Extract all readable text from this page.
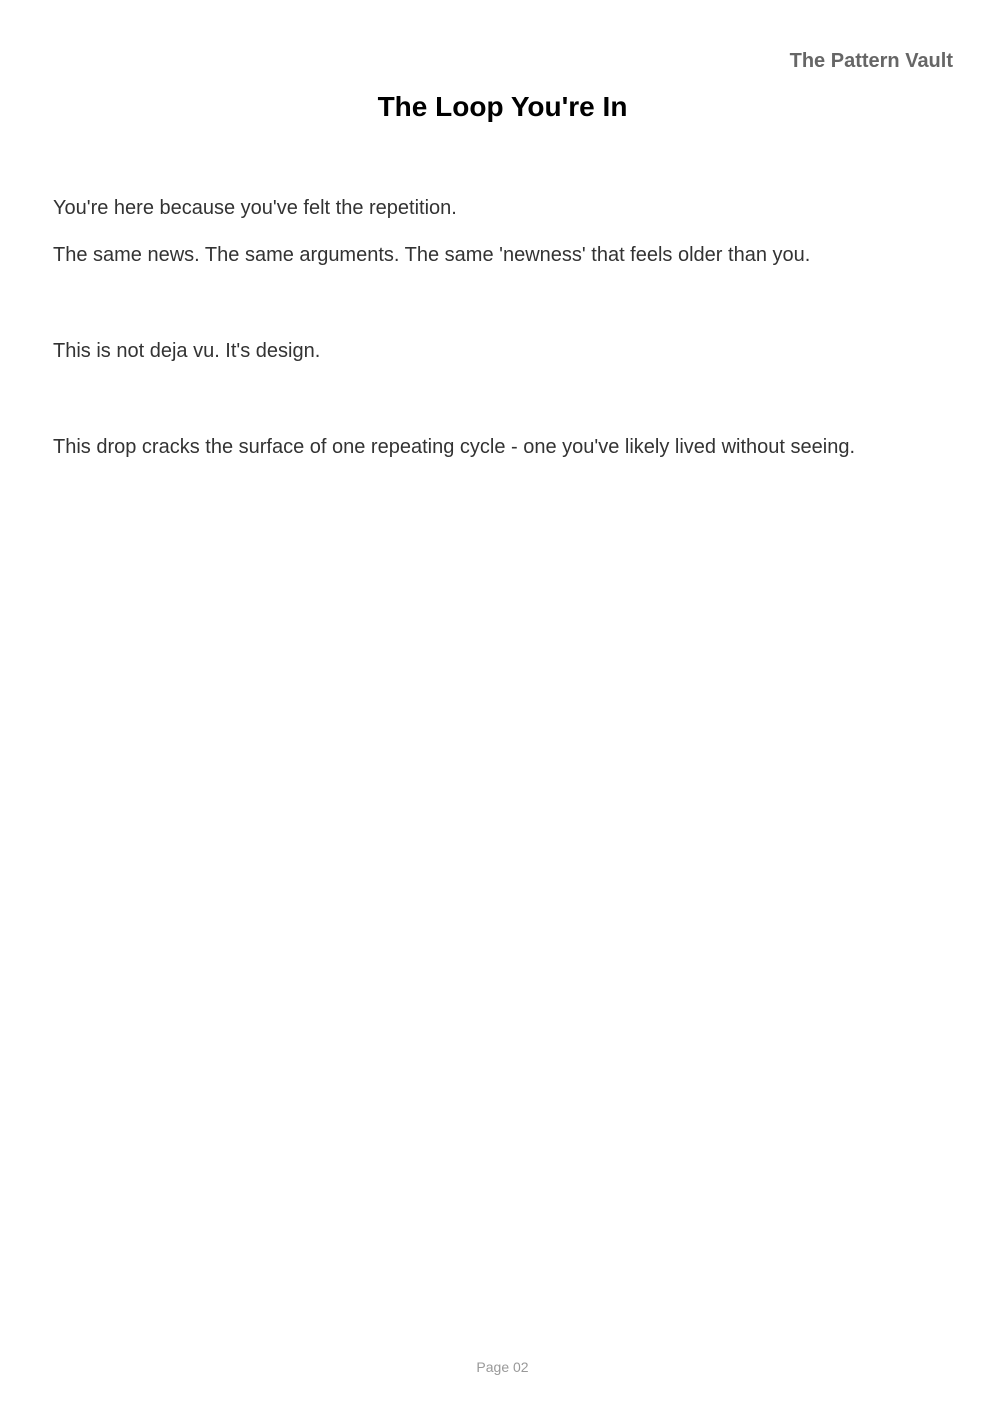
The Pattern Vault
The Loop You're In

You're here because you've felt the repetition.

The same news. The same arguments. The same 'newness' that feels older than you.

This is not deja vu. It's design.

This drop cracks the surface of one repeating cycle - one you've likely lived without seeing.

Page 02
